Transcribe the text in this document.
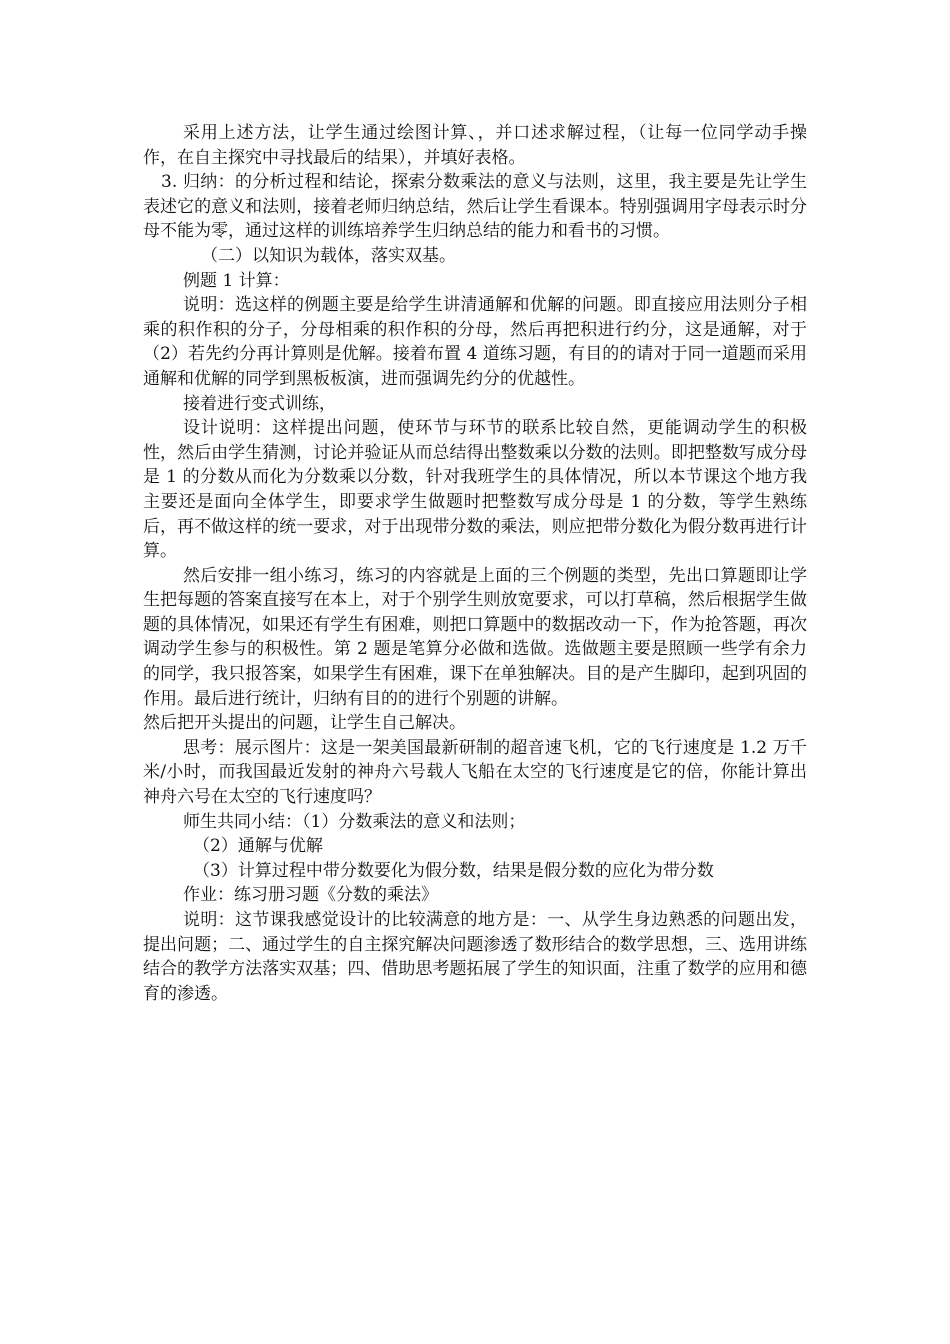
采用上述方法，让学生通过绘图计算、，并口述求解过程，（让每一位同学动手操作，在自主探究中寻找最后的结果），并填好表格。

3. 归纳：的分析过程和结论，探索分数乘法的意义与法则，这里，我主要是先让学生表述它的意义和法则，接着老师归纳总结，然后让学生看课本。特别强调用字母表示时分母不能为零，通过这样的训练培养学生归纳总结的能力和看书的习惯。

（二）以知识为载体，落实双基。

例题 1 计算：

说明：选这样的例题主要是给学生讲清通解和优解的问题。即直接应用法则分子相乘的积作积的分子，分母相乘的积作积的分母，然后再把积进行约分，这是通解，对于（2）若先约分再计算则是优解。接着布置 4 道练习题，有目的的请对于同一道题而采用通解和优解的同学到黑板板演，进而强调先约分的优越性。

接着进行变式训练，

设计说明：这样提出问题，使环节与环节的联系比较自然，更能调动学生的积极性，然后由学生猜测，讨论并验证从而总结得出整数乘以分数的法则。即把整数写成分母是 1 的分数从而化为分数乘以分数，针对我班学生的具体情况，所以本节课这个地方我主要还是面向全体学生，即要求学生做题时把整数写成分母是 1 的分数，等学生熟练后，再不做这样的统一要求，对于出现带分数的乘法，则应把带分数化为假分数再进行计算。

然后安排一组小练习，练习的内容就是上面的三个例题的类型，先出口算题即让学生把每题的答案直接写在本上，对于个别学生则放宽要求，可以打草稿，然后根据学生做题的具体情况，如果还有学生有困难，则把口算题中的数据改动一下，作为抢答题，再次调动学生参与的积极性。第 2 题是笔算分必做和选做。选做题主要是照顾一些学有余力的同学，我只报答案，如果学生有困难，课下在单独解决。目的是产生脚印，起到巩固的作用。最后进行统计，归纳有目的的进行个别题的讲解。

然后把开头提出的问题，让学生自己解决。

思考：展示图片：这是一架美国最新研制的超音速飞机，它的飞行速度是 1.2 万千米/小时，而我国最近发射的神舟六号载人飞船在太空的飞行速度是它的倍，你能计算出神舟六号在太空的飞行速度吗？

师生共同小结：（1）分数乘法的意义和法则；

（2）通解与优解

（3）计算过程中带分数要化为假分数，结果是假分数的应化为带分数

作业：练习册习题《分数的乘法》

说明：这节课我感觉设计的比较满意的地方是：一、从学生身边熟悉的问题出发，提出问题；二、通过学生的自主探究解决问题渗透了数形结合的数学思想，三、选用讲练结合的教学方法落实双基；四、借助思考题拓展了学生的知识面，注重了数学的应用和德育的渗透。
